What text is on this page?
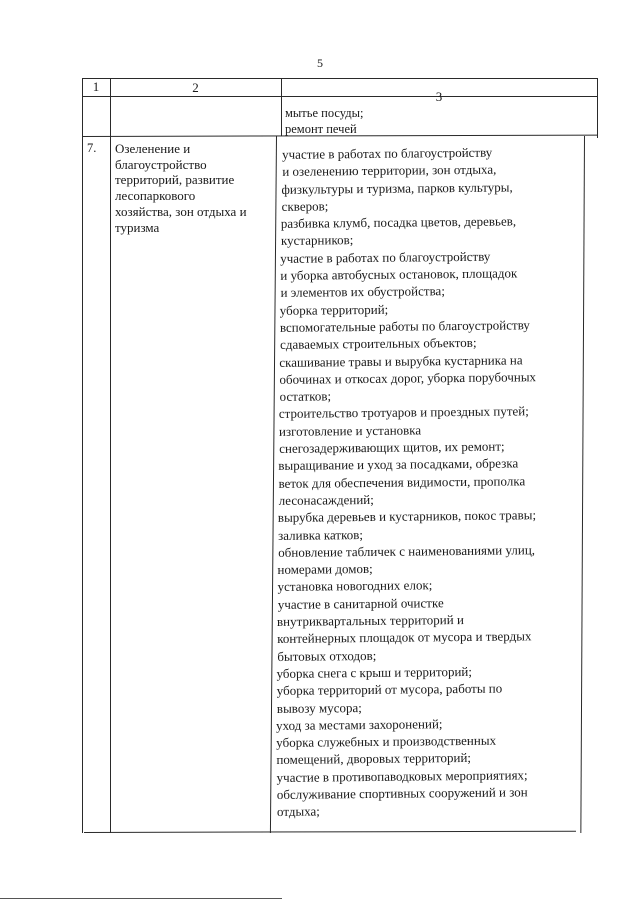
5
1	2
3
мытье посуды;
ремонт печей
7. Озеленение и
благоустройство
территорий, развитие
лесопаркового
хозяйства, зон отдыха и
туризма
участие в работах по благоустройству
и озеленению территории, зон отдыха,
физкультуры и туризма, парков культуры,
скверов;
разбивка клумб, посадка цветов, деревьев,
кустарников;
участие в работах по благоустройству
и уборка автобусных остановок, площадок
и элементов их обустройства;
уборка территорий;
вспомогательные работы по благоустройству
сдаваемых строительных объектов;
скашивание травы и вырубка кустарника на
обочинах и откосах дорог, уборка порубочных
остатков;
строительство тротуаров и проездных путей;
изготовление и установка
снегозадерживающих щитов, их ремонт;
выращивание и уход за посадками, обрезка
веток для обеспечения видимости, прополка
лесонасаждений;
вырубка деревьев и кустарников, покос травы;
заливка катков;
обновление табличек с наименованиями улиц,
номерами домов;
установка новогодних елок;
участие в санитарной очистке
внутриквартальных территорий и
контейнерных площадок от мусора и твердых
бытовых отходов;
уборка снега с крыш и территорий;
уборка территорий от мусора, работы по
вывозу мусора;
уход за местами захоронений;
уборка служебных и производственных
помещений, дворовых территорий;
участие в противопаводковых мероприятиях;
обслуживание спортивных сооружений и зон
отдыха;
